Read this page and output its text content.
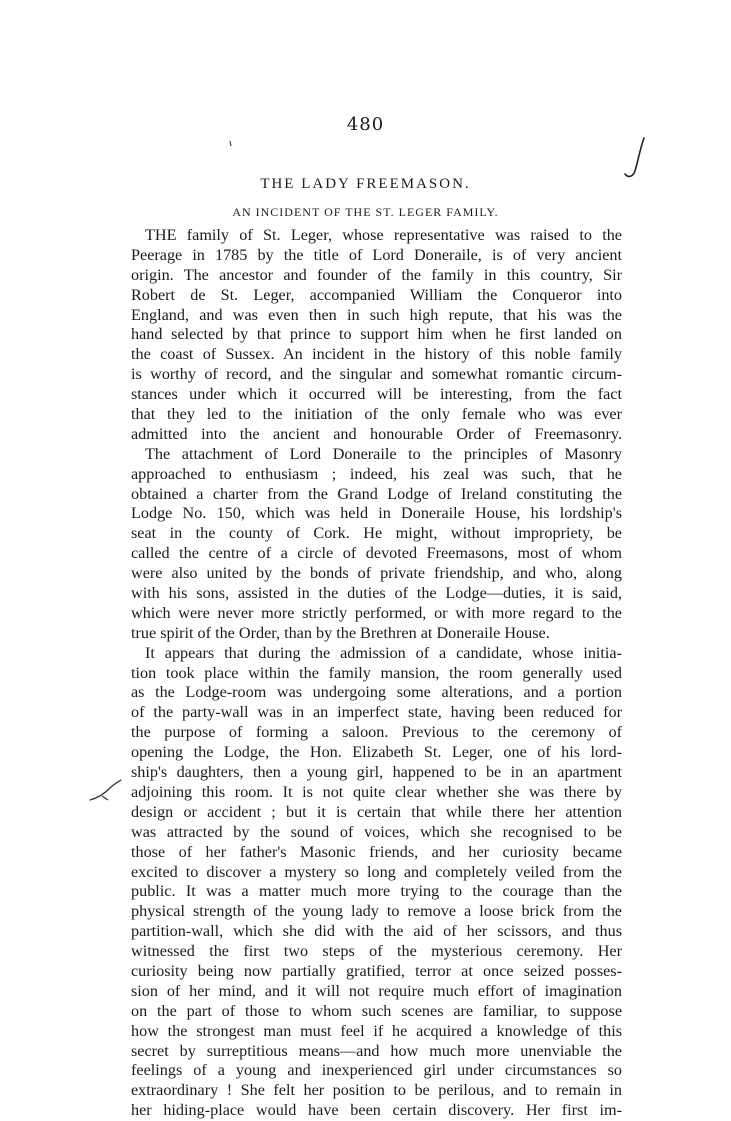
480
THE LADY FREEMASON.
AN INCIDENT OF THE ST. LEGER FAMILY.
THE family of St. Leger, whose representative was raised to the
Peerage in 1785 by the title of Lord Doneraile, is of very ancient
origin. The ancestor and founder of the family in this country, Sir
Robert de St. Leger, accompanied William the Conqueror into
England, and was even then in such high repute, that his was the
hand selected by that prince to support him when he first landed on
the coast of Sussex. An incident in the history of this noble family
is worthy of record, and the singular and somewhat romantic circum-
stances under which it occurred will be interesting, from the fact
that they led to the initiation of the only female who was ever
admitted into the ancient and honourable Order of Freemasonry.
The attachment of Lord Doneraile to the principles of Masonry
approached to enthusiasm ; indeed, his zeal was such, that he
obtained a charter from the Grand Lodge of Ireland constituting the
Lodge No. 150, which was held in Doneraile House, his lordship's
seat in the county of Cork. He might, without impropriety, be
called the centre of a circle of devoted Freemasons, most of whom
were also united by the bonds of private friendship, and who, along
with his sons, assisted in the duties of the Lodge—duties, it is said,
which were never more strictly performed, or with more regard to the
true spirit of the Order, than by the Brethren at Doneraile House.
It appears that during the admission of a candidate, whose initia-
tion took place within the family mansion, the room generally used
as the Lodge-room was undergoing some alterations, and a portion
of the party-wall was in an imperfect state, having been reduced for
the purpose of forming a saloon. Previous to the ceremony of
opening the Lodge, the Hon. Elizabeth St. Leger, one of his lord-
ship's daughters, then a young girl, happened to be in an apartment
adjoining this room. It is not quite clear whether she was there by
design or accident ; but it is certain that while there her attention
was attracted by the sound of voices, which she recognised to be
those of her father's Masonic friends, and her curiosity became
excited to discover a mystery so long and completely veiled from the
public. It was a matter much more trying to the courage than the
physical strength of the young lady to remove a loose brick from the
partition-wall, which she did with the aid of her scissors, and thus
witnessed the first two steps of the mysterious ceremony. Her
curiosity being now partially gratified, terror at once seized posses-
sion of her mind, and it will not require much effort of imagination
on the part of those to whom such scenes are familiar, to suppose
how the strongest man must feel if he acquired a knowledge of this
secret by surreptitious means—and how much more unenviable the
feelings of a young and inexperienced girl under circumstances so
extraordinary ! She felt her position to be perilous, and to remain in
her hiding-place would have been certain discovery. Her first im-
